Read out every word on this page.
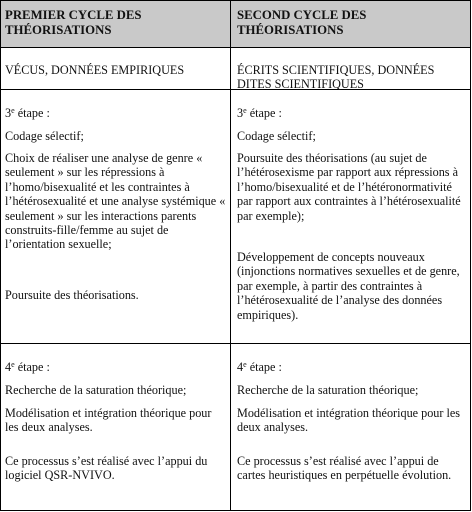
PREMIER CYCLE DES
THÉORISATIONS
SECOND CYCLE DES
THÉORISATIONS
VÉCUS, DONNÉES EMPIRIQUES	ÉCRITS SCIENTIFIQUES, DONNÉES DITES SCIENTIFIQUES
3e étape :

Codage sélectif;

Choix de réaliser une analyse de genre « seulement » sur les répressions à l’homo/bisexualité et les contraintes à l’hétérosexualité et une analyse systémique « seulement » sur les interactions parents construits-fille/femme au sujet de l’orientation sexuelle;

Poursuite des théorisations.

3e étape :

Codage sélectif;

Poursuite des théorisations (au sujet de l’hétérosexisme par rapport aux répressions à l’homo/bisexualité et de l’hétéronormativité par rapport aux contraintes à l’hétérosexualité par exemple);

Développement de concepts nouveaux (injonctions normatives sexuelles et de genre, par exemple, à partir des contraintes à l’hétérosexualité de l’analyse des données empiriques).

4e étape :

Recherche de la saturation théorique;

Modélisation et intégration théorique pour les deux analyses.

Ce processus s’est réalisé avec l’appui du logiciel QSR-NVIVO.

4e étape :

Recherche de la saturation théorique;

Modélisation et intégration théorique pour les deux analyses.

Ce processus s’est réalisé avec l’appui de cartes heuristiques en perpétuelle évolution.
